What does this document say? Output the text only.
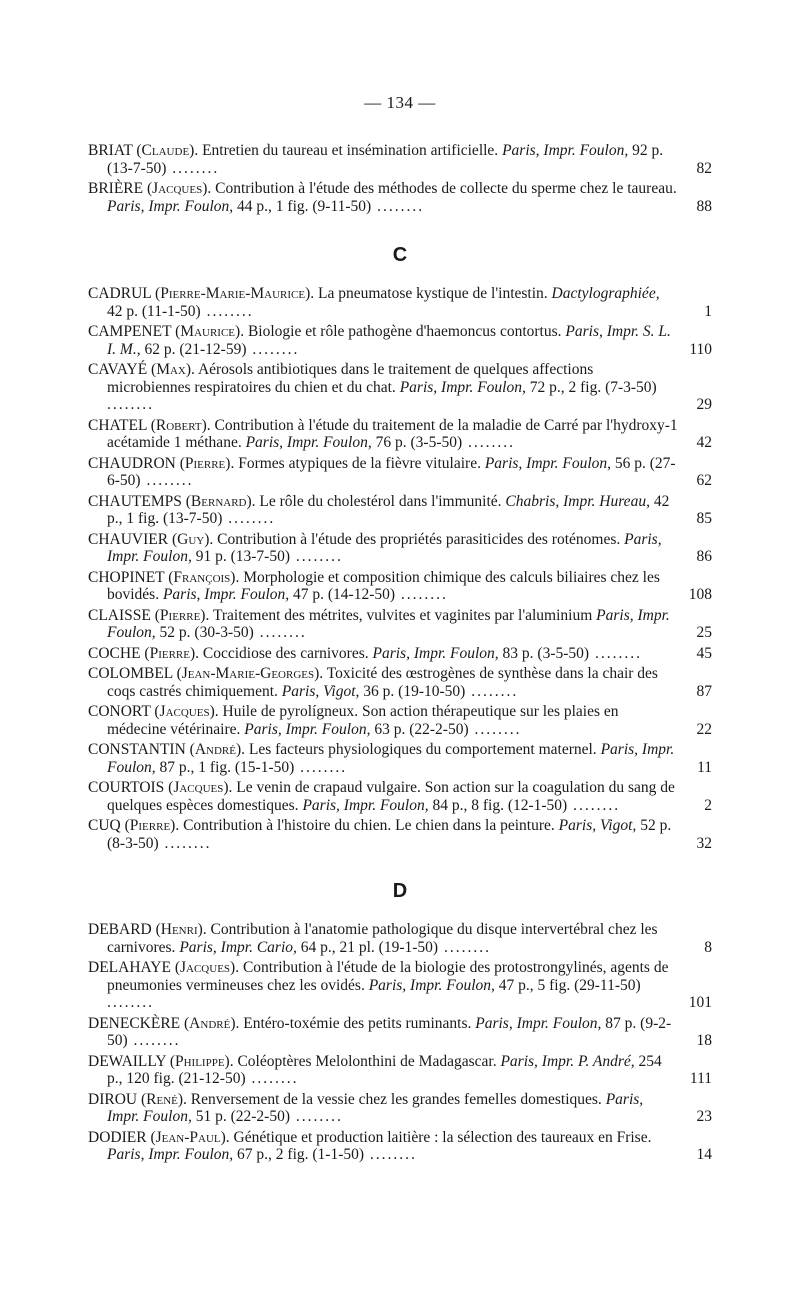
— 134 —
BRIAT (Claude). Entretien du taureau et insémination artificielle. Paris, Impr. Foulon, 92 p. (13-7-50) ........	82
BRIÈRE (Jacques). Contribution à l'étude des méthodes de collecte du sperme chez le taureau. Paris, Impr. Foulon, 44 p., 1 fig. (9-11-50) ........	88
C
CADRUL (Pierre-Marie-Maurice). La pneumatose kystique de l'intestin. Dactylographiée, 42 p. (11-1-50) ........	1
CAMPENET (Maurice). Biologie et rôle pathogène d'haemoncus contortus. Paris, Impr. S. L. I. M., 62 p. (21-12-59) ........	110
CAVAYÉ (Max). Aérosols antibiotiques dans le traitement de quelques affections microbiennes respiratoires du chien et du chat. Paris, Impr. Foulon, 72 p., 2 fig. (7-3-50) ........	29
CHATEL (Robert). Contribution à l'étude du traitement de la maladie de Carré par l'hydroxy-1 acétamide 1 méthane. Paris, Impr. Foulon, 76 p. (3-5-50) ........	42
CHAUDRON (Pierre). Formes atypiques de la fièvre vitulaire. Paris, Impr. Foulon, 56 p. (27-6-50) ........	62
CHAUTEMPS (Bernard). Le rôle du cholestérol dans l'immunité. Chabris, Impr. Hureau, 42 p., 1 fig. (13-7-50) ........	85
CHAUVIER (Guy). Contribution à l'étude des propriétés parasiticides des roténomes. Paris, Impr. Foulon, 91 p. (13-7-50) ........	86
CHOPINET (François). Morphologie et composition chimique des calculs biliaires chez les bovidés. Paris, Impr. Foulon, 47 p. (14-12-50) ........	108
CLAISSE (Pierre). Traitement des métrites, vulvites et vaginites par l'aluminium Paris, Impr. Foulon, 52 p. (30-3-50) ........	25
COCHE (Pierre). Coccidiose des carnivores. Paris, Impr. Foulon, 83 p. (3-5-50) ........	45
COLOMBEL (Jean-Marie-Georges). Toxicité des œstrogènes de synthèse dans la chair des coqs castrés chimiquement. Paris, Vigot, 36 p. (19-10-50) ........	87
CONORT (Jacques). Huile de pyrolígneux. Son action thérapeutique sur les plaies en médecine vétérinaire. Paris, Impr. Foulon, 63 p. (22-2-50) ........	22
CONSTANTIN (André). Les facteurs physiologiques du comportement maternel. Paris, Impr. Foulon, 87 p., 1 fig. (15-1-50) ........	11
COURTOIS (Jacques). Le venin de crapaud vulgaire. Son action sur la coagulation du sang de quelques espèces domestiques. Paris, Impr. Foulon, 84 p., 8 fig. (12-1-50) ........	2
CUQ (Pierre). Contribution à l'histoire du chien. Le chien dans la peinture. Paris, Vigot, 52 p. (8-3-50) ........	32
D
DEBARD (Henri). Contribution à l'anatomie pathologique du disque intervertébral chez les carnivores. Paris, Impr. Cario, 64 p., 21 pl. (19-1-50) ........	8
DELAHAYE (Jacques). Contribution à l'étude de la biologie des protostrongylinés, agents de pneumonies vermineuses chez les ovidés. Paris, Impr. Foulon, 47 p., 5 fig. (29-11-50) ........	101
DENECKÈRE (André). Entéro-toxémie des petits ruminants. Paris, Impr. Foulon, 87 p. (9-2-50) ........	18
DEWAILLY (Philippe). Coléoptères Melolonthini de Madagascar. Paris, Impr. P. André, 254 p., 120 fig. (21-12-50) ........	111
DIROU (René). Renversement de la vessie chez les grandes femelles domestiques. Paris, Impr. Foulon, 51 p. (22-2-50) ........	23
DODIER (Jean-Paul). Génétique et production laitière : la sélection des taureaux en Frise. Paris, Impr. Foulon, 67 p., 2 fig. (1-1-50) ........	14
